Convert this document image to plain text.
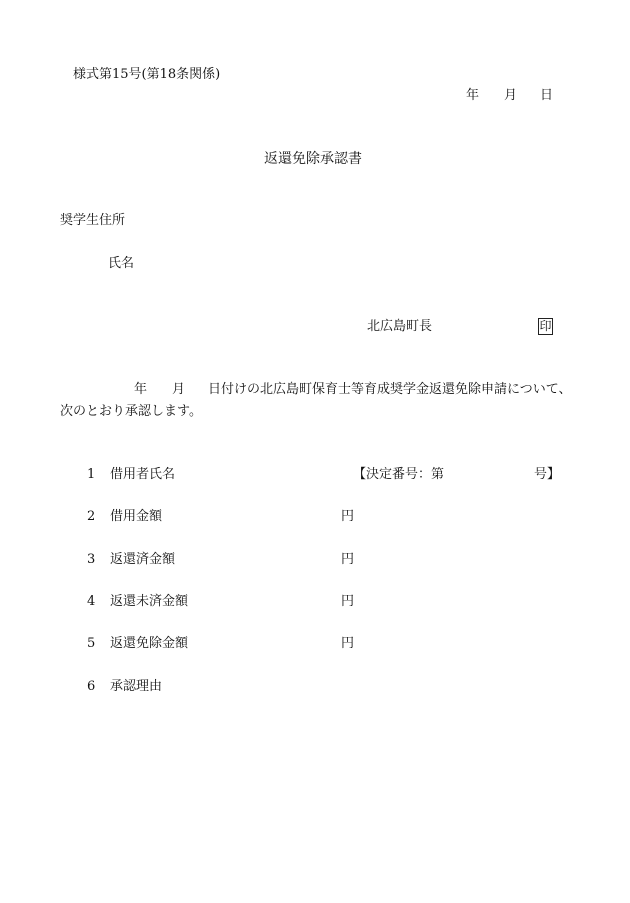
様式第15号(第18条関係)
年 月 日
返還免除承認書
奨学生住所
氏名
北広島町長	印
年 月 日付けの北広島町保育士等育成奨学金返還免除申請について、
次のとおり承認します。
1 借用者氏名	【決定番号：第	号】
2 借用金額	円
3 返還済金額	円
4 返還未済金額	円
5 返還免除金額	円
6 承認理由
